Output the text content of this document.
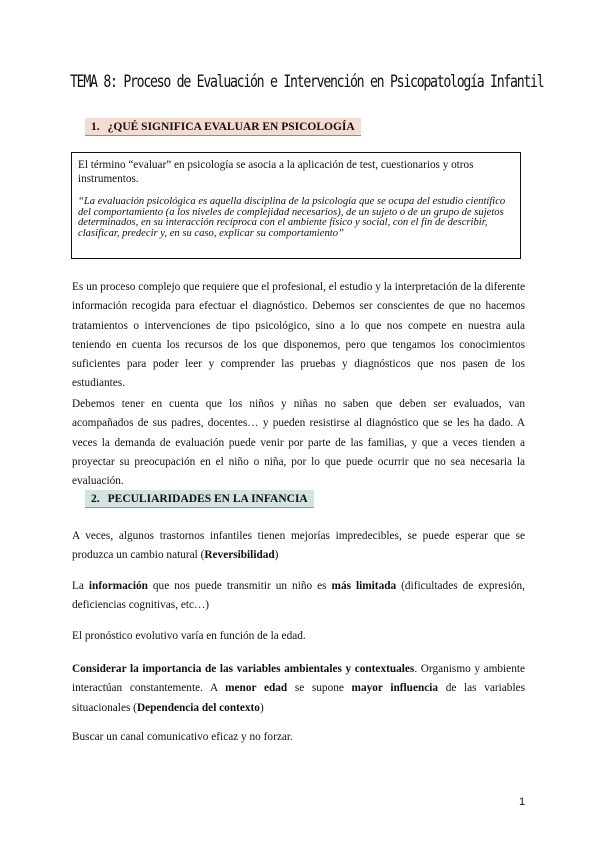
TEMA 8: Proceso de Evaluación e Intervención en Psicopatología Infantil
1. ¿QUÉ SIGNIFICA EVALUAR EN PSICOLOGÍA

El término “evaluar” en psicología se asocia a la aplicación de test, cuestionarios y otros instrumentos.

“La evaluación psicológica es aquella disciplina de la psicología que se ocupa del estudio científico del comportamiento (a los niveles de complejidad necesarios), de un sujeto o de un grupo de sujetos determinados, en su interacción recíproca con el ambiente físico y social, con el fin de describir, clasificar, predecir y, en su caso, explicar su comportamiento”

Es un proceso complejo que requiere que el profesional, el estudio y la interpretación de la diferente información recogida para efectuar el diagnóstico. Debemos ser conscientes de que no hacemos tratamientos o intervenciones de tipo psicológico, sino a lo que nos compete en nuestra aula teniendo en cuenta los recursos de los que disponemos, pero que tengamos los conocimientos suficientes para poder leer y comprender las pruebas y diagnósticos que nos pasen de los estudiantes.

Debemos tener en cuenta que los niños y niñas no saben que deben ser evaluados, van acompañados de sus padres, docentes… y pueden resistirse al diagnóstico que se les ha dado. A veces la demanda de evaluación puede venir por parte de las familias, y que a veces tienden a proyectar su preocupación en el niño o niña, por lo que puede ocurrir que no sea necesaria la evaluación.

2. PECULIARIDADES EN LA INFANCIA

A veces, algunos trastornos infantiles tienen mejorías impredecibles, se puede esperar que se produzca un cambio natural (Reversibilidad)

La información que nos puede transmitir un niño es más limitada (dificultades de expresión, deficiencias cognitivas, etc…)

El pronóstico evolutivo varía en función de la edad.

Considerar la importancia de las variables ambientales y contextuales. Organismo y ambiente interactúan constantemente. A menor edad se supone mayor influencia de las variables situacionales (Dependencia del contexto)

Buscar un canal comunicativo eficaz y no forzar.

1
